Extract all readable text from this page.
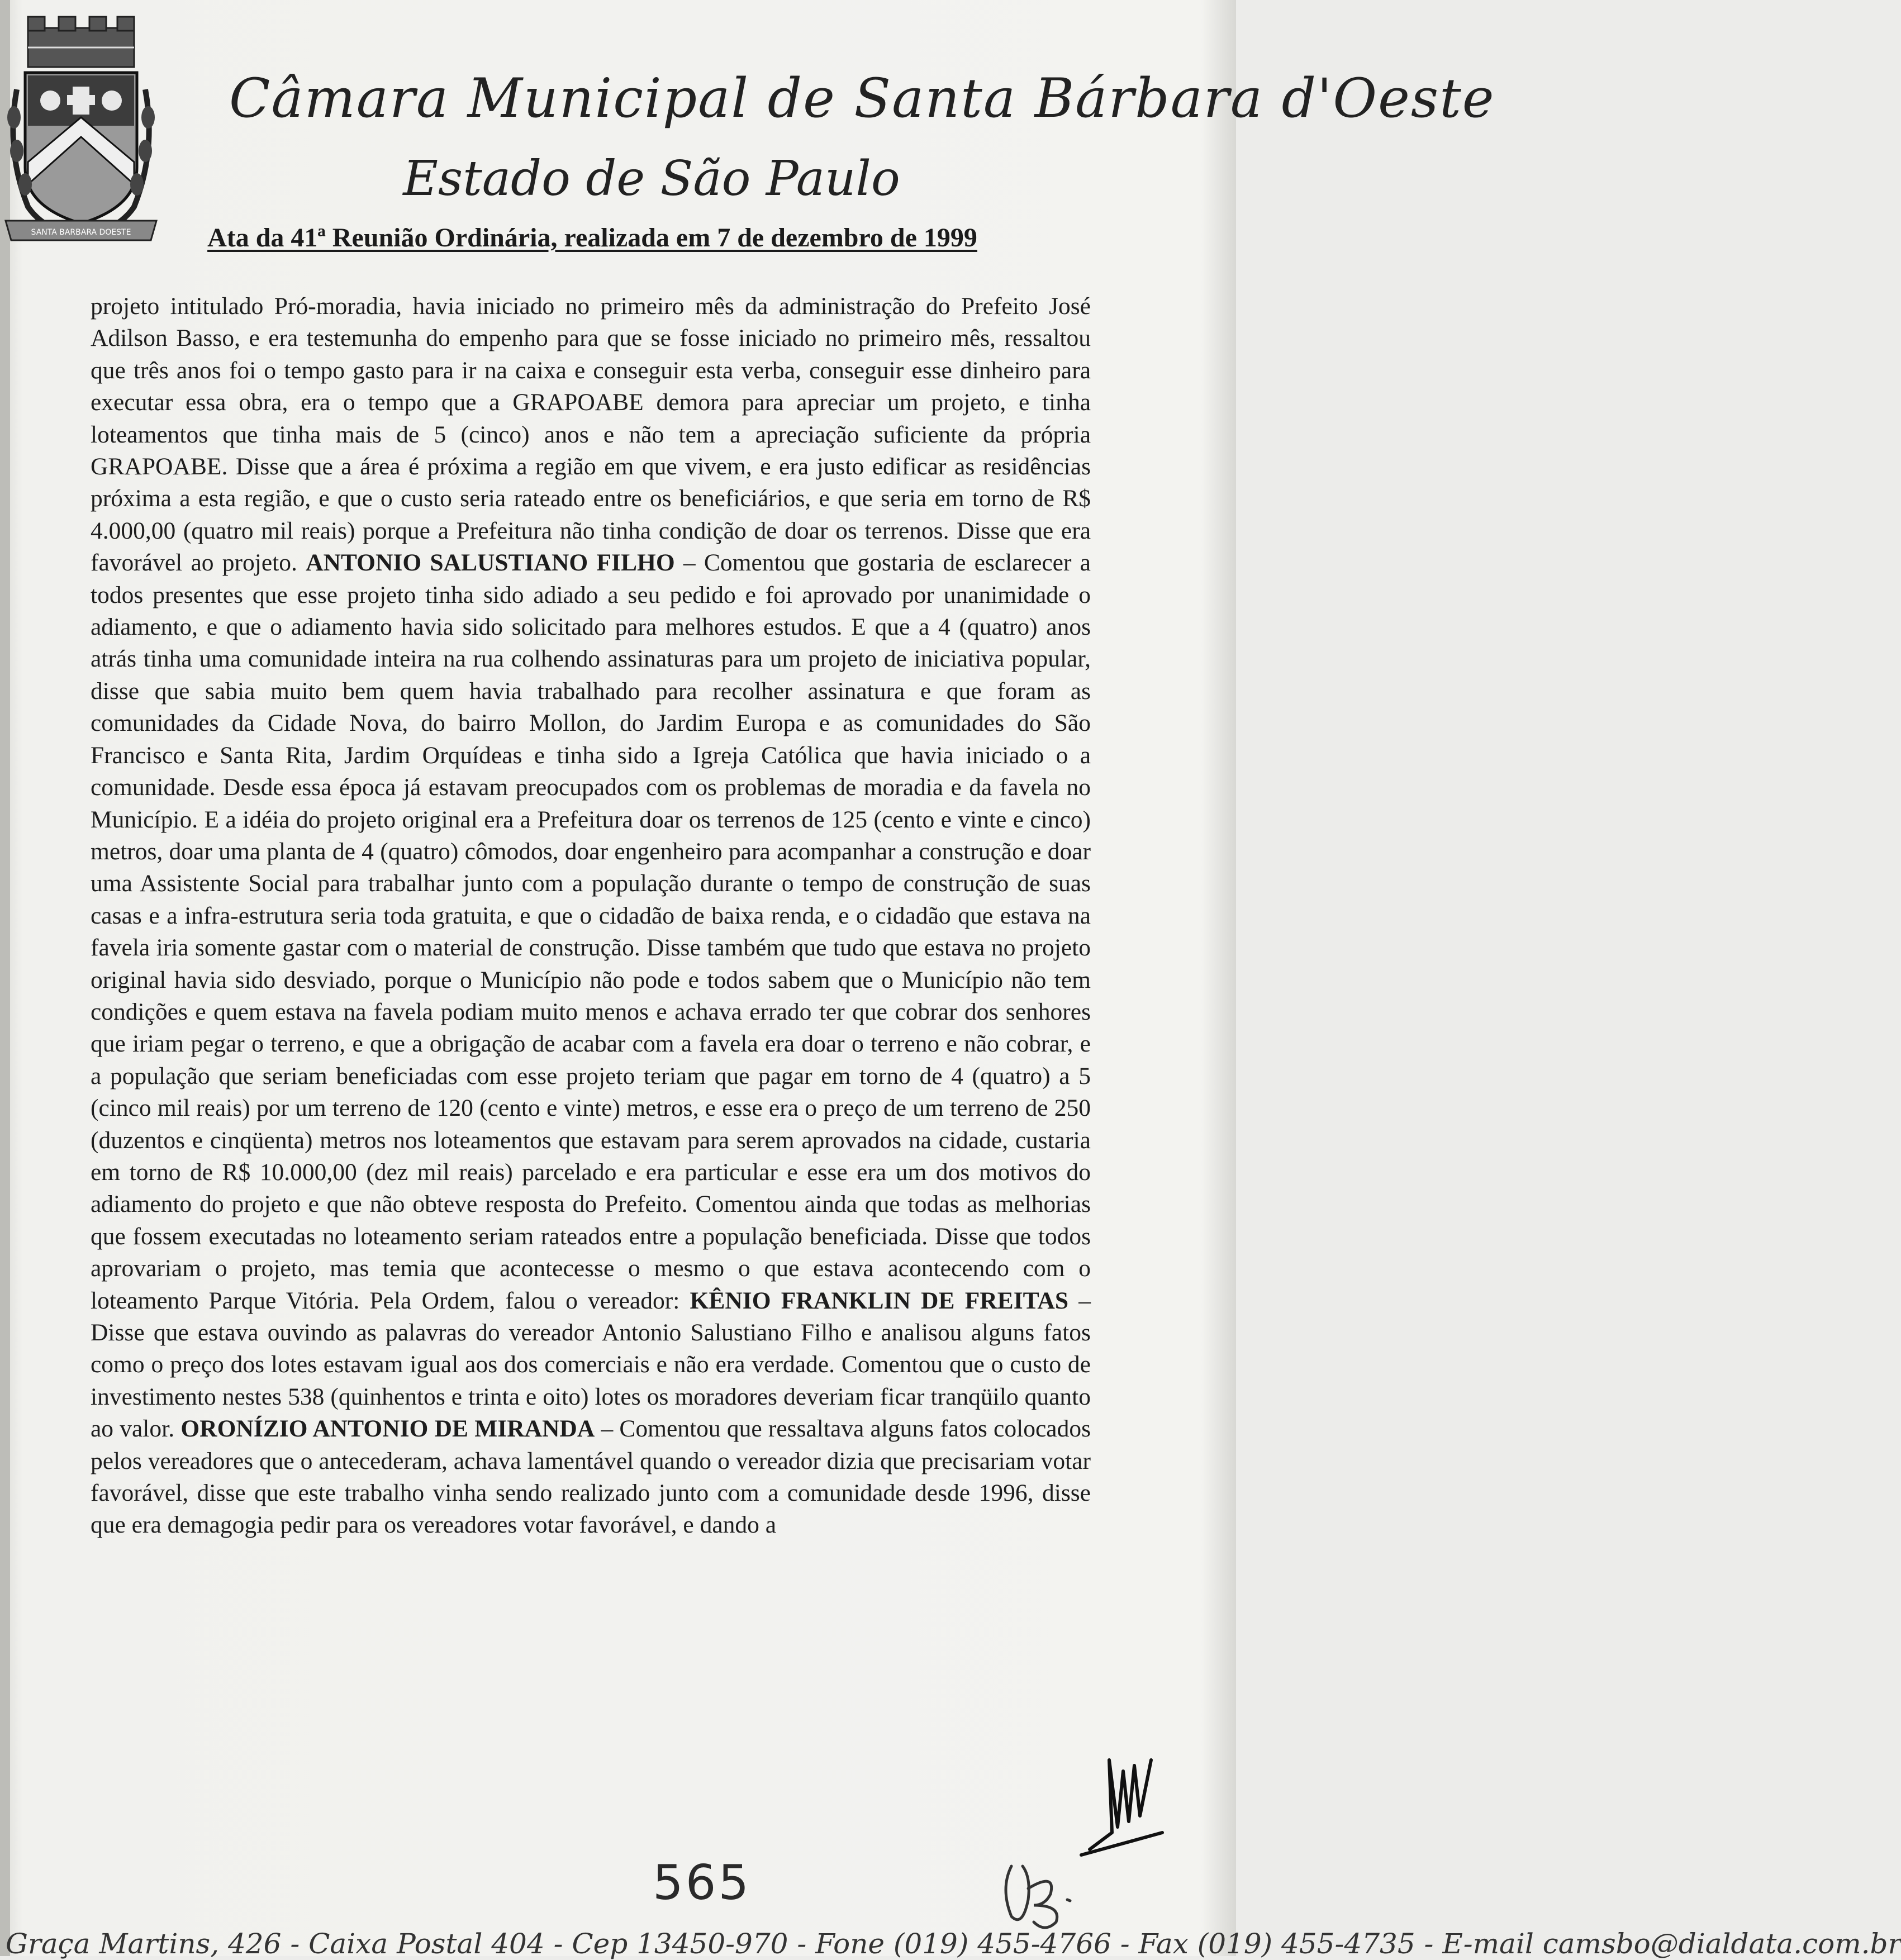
SANTA BARBARA DOESTE
Câmara Municipal de Santa Bárbara d'Oeste
Estado de São Paulo
Ata da 41ª Reunião Ordinária, realizada em 7 de dezembro de 1999

projeto intitulado Pró-moradia, havia iniciado no primeiro mês da administração do Prefeito José Adilson Basso, e era testemunha do empenho para que se fosse iniciado no primeiro mês, ressaltou que três anos foi o tempo gasto para ir na caixa e conseguir esta verba, conseguir esse dinheiro para executar essa obra, era o tempo que a GRAPOABE demora para apreciar um projeto, e tinha loteamentos que tinha mais de 5 (cinco) anos e não tem a apreciação suficiente da própria GRAPOABE. Disse que a área é próxima a região em que vivem, e era justo edificar as residências próxima a esta região, e que o custo seria rateado entre os beneficiários, e que seria em torno de R$ 4.000,00 (quatro mil reais) porque a Prefeitura não tinha condição de doar os terrenos. Disse que era favorável ao projeto. ANTONIO SALUSTIANO FILHO – Comentou que gostaria de esclarecer a todos presentes que esse projeto tinha sido adiado a seu pedido e foi aprovado por unanimidade o adiamento, e que o adiamento havia sido solicitado para melhores estudos. E que a 4 (quatro) anos atrás tinha uma comunidade inteira na rua colhendo assinaturas para um projeto de iniciativa popular, disse que sabia muito bem quem havia trabalhado para recolher assinatura e que foram as comunidades da Cidade Nova, do bairro Mollon, do Jardim Europa e as comunidades do São Francisco e Santa Rita, Jardim Orquídeas e tinha sido a Igreja Católica que havia iniciado o a comunidade. Desde essa época já estavam preocupados com os problemas de moradia e da favela no Município. E a idéia do projeto original era a Prefeitura doar os terrenos de 125 (cento e vinte e cinco) metros, doar uma planta de 4 (quatro) cômodos, doar engenheiro para acompanhar a construção e doar uma Assistente Social para trabalhar junto com a população durante o tempo de construção de suas casas e a infra-estrutura seria toda gratuita, e que o cidadão de baixa renda, e o cidadão que estava na favela iria somente gastar com o material de construção. Disse também que tudo que estava no projeto original havia sido desviado, porque o Município não pode e todos sabem que o Município não tem condições e quem estava na favela podiam muito menos e achava errado ter que cobrar dos senhores que iriam pegar o terreno, e que a obrigação de acabar com a favela era doar o terreno e não cobrar, e a população que seriam beneficiadas com esse projeto teriam que pagar em torno de 4 (quatro) a 5 (cinco mil reais) por um terreno de 120 (cento e vinte) metros, e esse era o preço de um terreno de 250 (duzentos e cinqüenta) metros nos loteamentos que estavam para serem aprovados na cidade, custaria em torno de R$ 10.000,00 (dez mil reais) parcelado e era particular e esse era um dos motivos do adiamento do projeto e que não obteve resposta do Prefeito. Comentou ainda que todas as melhorias que fossem executadas no loteamento seriam rateados entre a população beneficiada. Disse que todos aprovariam o projeto, mas temia que acontecesse o mesmo o que estava acontecendo com o loteamento Parque Vitória. Pela Ordem, falou o vereador: KÊNIO FRANKLIN DE FREITAS – Disse que estava ouvindo as palavras do vereador Antonio Salustiano Filho e analisou alguns fatos como o preço dos lotes estavam igual aos dos comerciais e não era verdade. Comentou que o custo de investimento nestes 538 (quinhentos e trinta e oito) lotes os moradores deveriam ficar tranqüilo quanto ao valor. ORONÍZIO ANTONIO DE MIRANDA – Comentou que ressaltava alguns fatos colocados pelos vereadores que o antecederam, achava lamentável quando o vereador dizia que precisariam votar favorável, disse que este trabalho vinha sendo realizado junto com a comunidade desde 1996, disse que era demagogia pedir para os vereadores votar favorável, e dando a

565
Graça Martins, 426 - Caixa Postal 404 - Cep 13450-970 - Fone (019) 455-4766 - Fax (019) 455-4735 - E-mail camsbo@dialdata.com.br
